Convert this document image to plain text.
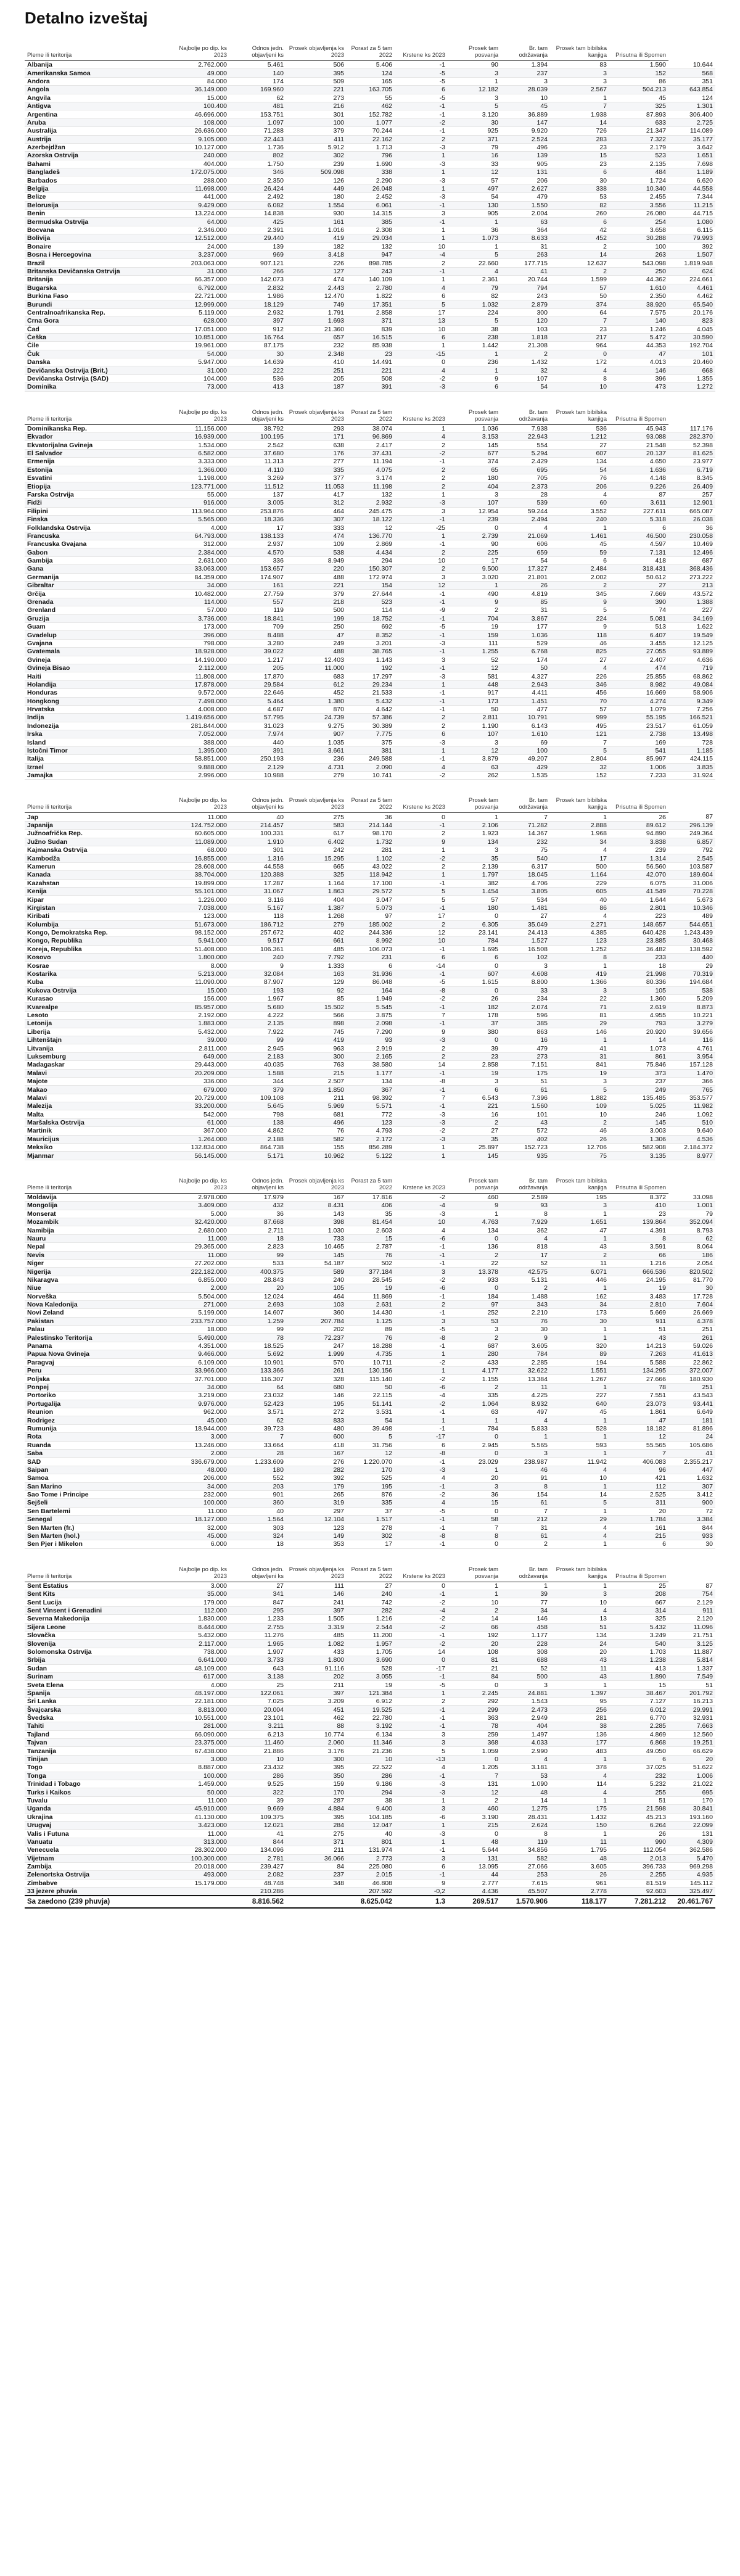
Detalno izveštaj
Pleme ili teritorija	Najbolje po dip. ks 2023	Odnos jedn. objavljeni ks	Prosek objavljenja ks 2023	Porast za 5 tam 2022	Krstene ks 2023	Prosek tam posvanja	Br. tam održavanja	Prosek tam bibilska kanjiga	Prisutna ili Spomen	
Albanija	2.762.000	5.461	506	5.406	-1	90	1.394	83	1.590	10.644
Amerikanska Samoa	49.000	140	395	124	-5	3	237	3	152	568
Andora	84.000	174	509	165	-5	1	3	3	86	351
Angola	36.149.000	169.960	221	163.705	6	12.182	28.039	2.567	504.213	643.854
Angvila	15.000	62	273	55	-5	3	10	1	45	124
Antigva	100.400	481	216	462	-1	5	45	7	325	1.301
Argentina	46.696.000	153.751	301	152.782	-1	3.120	36.889	1.938	87.893	306.400
Aruba	108.000	1.097	100	1.077	-2	30	147	14	633	2.725
Australija	26.636.000	71.288	379	70.244	-1	925	9.920	726	21.347	114.089
Austrija	9.105.000	22.443	411	22.162	2	371	2.524	283	7.322	35.177
Azerbejdžan	10.127.000	1.736	5.912	1.713	-3	79	496	23	2.179	3.642
Azorska Ostrvija	240.000	802	302	796	1	16	139	15	523	1.651
Bahami	404.000	1.750	239	1.690	-3	33	905	23	2.135	7.698
Bangladeš	172.075.000	346	509.098	338	1	12	131	6	484	1.189
Barbados	288.000	2.350	126	2.290	-3	57	206	30	1.724	6.620
Belgija	11.698.000	26.424	449	26.048	1	497	2.627	338	10.340	44.558
Belize	441.000	2.492	180	2.452	-3	54	479	53	2.455	7.344
Belorusija	9.429.000	6.082	1.554	6.061	-1	130	1.550	82	3.556	11.215
Benin	13.224.000	14.838	930	14.315	3	905	2.004	260	26.080	44.715
Bermudska Ostrvija	64.000	425	161	385	-1	1	63	6	254	1.080
Bocvana	2.346.000	2.391	1.016	2.308	1	36	364	42	3.658	6.115
Bolivija	12.512.000	29.440	419	29.034	1	1.073	8.633	452	30.288	79.993
Bonaire	24.000	139	182	132	10	1	31	2	100	392
Bosna i Hercegovina	3.237.000	969	3.418	947	-4	5	263	14	263	1.507
Brazil	203.063.000	907.121	226	898.785	2	22.660	177.715	12.637	543.098	1.819.948
Britanska Devičanska Ostrvija	31.000	266	127	243	-1	4	41	2	250	624
Britanija	66.357.000	142.073	474	140.109	1	2.361	20.744	1.599	44.362	224.661
Bugarska	6.792.000	2.832	2.443	2.780	4	79	794	57	1.610	4.461
Burkina Faso	22.721.000	1.986	12.470	1.822	6	82	243	50	2.350	4.462
Burundi	12.999.000	18.129	749	17.351	5	1.032	2.879	374	38.920	65.540
Centralnoafrikanska Rep.	5.119.000	2.932	1.791	2.858	17	224	300	64	7.575	20.176
Crna Gora	628.000	397	1.693	371	13	5	120	7	140	823
Čad	17.051.000	912	21.360	839	10	38	103	23	1.246	4.045
Češka	10.851.000	16.764	657	16.515	6	238	1.818	217	5.472	30.590
Čile	19.961.000	87.175	232	85.938	1	1.442	21.308	964	44.353	192.704
Čuk	54.000	30	2.348	23	-15	1	2	0	47	101
Danska	5.947.000	14.639	410	14.491	0	236	1.432	172	4.013	20.460
Devičanska Ostrvija (Brit.)	31.000	222	251	221	4	1	32	4	146	668
Devičanska Ostrvija (SAD)	104.000	536	205	508	-2	9	107	8	396	1.355
Dominika	73.000	413	187	391	-3	6	54	10	473	1.272
Pleme ili teritorija	Najbolje po dip. ks 2023	Odnos jedn. objavljeni ks	Prosek objavljenja ks 2023	Porast za 5 tam 2022	Krstene ks 2023	Prosek tam posvanja	Br. tam održavanja	Prosek tam bibilska kanjiga	Prisutna ili Spomen	
Dominikanska Rep.	11.156.000	38.792	293	38.074	1	1.036	7.938	536	45.943	117.176
Ekvador	16.939.000	100.195	171	96.869	4	3.153	22.943	1.212	93.088	282.370
Ekvatorijalna Gvineja	1.534.000	2.542	638	2.417	2	145	554	27	21.548	52.398
El Salvador	6.582.000	37.680	176	37.431	-2	677	5.294	607	20.137	81.625
Ermenija	3.333.000	11.313	277	11.194	-1	374	2.429	134	4.650	23.977
Estonija	1.366.000	4.110	335	4.075	2	65	695	54	1.636	6.719
Esvatini	1.198.000	3.269	377	3.174	2	180	705	76	4.148	8.345
Etiopija	123.771.000	11.512	11.053	11.198	2	404	2.373	206	9.226	26.409
Farska Ostrvija	55.000	137	417	132	1	3	28	4	87	257
Fidži	916.000	3.005	312	2.932	-3	107	539	60	3.611	12.901
Filipini	113.964.000	253.876	464	245.475	3	12.954	59.244	3.552	227.611	665.087
Finska	5.565.000	18.336	307	18.122	-1	239	2.494	240	5.318	26.038
Folklandska Ostrvija	4.000	17	333	12	-25	0	4	1	6	36
Francuska	64.793.000	138.133	474	136.770	1	2.739	21.069	1.461	46.500	230.058
Francuska Gvajana	312.000	2.937	109	2.869	-1	90	606	45	4.597	10.469
Gabon	2.384.000	4.570	538	4.434	2	225	659	59	7.131	12.496
Gambija	2.631.000	336	8.949	294	10	17	54	6	418	687
Gana	33.063.000	153.657	220	150.307	2	9.500	17.327	2.484	318.431	368.436
Germanija	84.359.000	174.907	488	172.974	3	3.020	21.801	2.002	50.612	273.222
Gibraltar	34.000	161	221	154	12	1	26	2	27	213
Grčija	10.482.000	27.759	379	27.644	-1	490	4.819	345	7.669	43.572
Grenada	114.000	557	218	523	-1	9	85	9	390	1.388
Grenland	57.000	119	500	114	-9	2	31	5	74	227
Gruzija	3.736.000	18.841	199	18.752	-1	704	3.867	224	5.081	34.169
Guam	173.000	709	250	692	-5	19	177	9	513	1.622
Gvadelup	396.000	8.488	47	8.352	-1	159	1.036	118	6.407	19.549
Gvajana	798.000	3.280	249	3.201	-3	111	529	46	3.455	12.125
Gvatemala	18.928.000	39.022	488	38.765	-1	1.255	6.768	825	27.055	93.889
Gvineja	14.190.000	1.217	12.403	1.143	3	52	174	27	2.407	4.636
Gvineja Bisao	2.112.000	205	11.000	192	-1	12	50	4	474	719
Haiti	11.808.000	17.870	683	17.297	-3	581	4.327	226	25.855	68.862
Holandija	17.878.000	29.584	612	29.234	1	448	2.943	346	8.982	49.084
Honduras	9.572.000	22.646	452	21.533	-1	917	4.411	456	16.669	58.906
Hongkong	7.498.000	5.464	1.380	5.432	-1	173	1.451	70	4.274	9.349
Hrvatska	4.008.000	4.687	870	4.642	-1	50	477	57	1.079	7.256
Indija	1.419.656.000	57.795	24.739	57.386	2	2.811	10.791	999	55.195	166.521
Indonezija	281.844.000	31.023	9.275	30.389	2	1.190	6.143	495	23.517	61.059
Irska	7.052.000	7.974	907	7.775	6	107	1.610	121	2.738	13.498
Island	388.000	440	1.035	375	-3	3	69	7	169	728
Istočni Timor	1.395.000	391	3.661	381	1	12	100	5	541	1.185
Italija	58.851.000	250.193	236	249.588	-1	3.879	49.207	2.804	85.997	424.115
Izrael	9.888.000	2.129	4.731	2.090	4	63	429	32	1.006	3.835
Jamajka	2.996.000	10.988	279	10.741	-2	262	1.535	152	7.233	31.924
Pleme ili teritorija	Najbolje po dip. ks 2023	Odnos jedn. objavljeni ks	Prosek objavljenja ks 2023	Porast za 5 tam 2022	Krstene ks 2023	Prosek tam posvanja	Br. tam održavanja	Prosek tam bibilska kanjiga	Prisutna ili Spomen	
Jap	11.000	40	275	36	0	1	7	1	26	87
Japanija	124.752.000	214.457	583	214.144	-1	2.106	71.282	2.888	89.612	296.139
Južnoafrička Rep.	60.605.000	100.331	617	98.170	2	1.923	14.367	1.968	94.890	249.364
Južno Sudan	11.089.000	1.910	6.402	1.732	9	134	232	34	3.838	6.857
Kajmanska Ostrvija	68.000	301	242	281	1	3	75	4	239	792
Kambodža	16.855.000	1.316	15.295	1.102	-2	35	540	17	1.314	2.545
Kamerun	28.608.000	44.558	665	43.022	2	2.139	6.317	500	56.560	103.587
Kanada	38.704.000	120.388	325	118.942	1	1.797	18.045	1.164	42.070	189.604
Kazahstan	19.899.000	17.287	1.164	17.100	-1	382	4.706	229	6.075	31.006
Kenija	55.101.000	31.067	1.863	29.572	5	1.454	3.805	605	41.549	70.228
Kipar	1.226.000	3.116	404	3.047	5	57	534	40	1.644	5.673
Kirgistan	7.038.000	5.167	1.387	5.073	-1	180	1.481	86	2.801	10.346
Kiribati	123.000	118	1.268	97	17	0	27	4	223	489
Kolumbija	51.673.000	186.712	279	185.002	2	6.305	35.049	2.271	148.657	544.651
Kongo, Demokratska Rep.	98.152.000	257.672	402	244.336	12	23.141	24.413	4.385	640.428	1.243.439
Kongo, Republika	5.941.000	9.517	661	8.992	10	784	1.527	123	23.885	30.468
Koreja, Republika	51.408.000	106.361	485	106.073	-1	1.695	16.508	1.252	36.482	138.592
Kosovo	1.800.000	240	7.792	231	6	6	102	8	233	440
Kosrae	8.000	9	1.333	6	-14	0	3	1	18	29
Kostarika	5.213.000	32.084	163	31.936	-1	607	4.608	419	21.998	70.319
Kuba	11.090.000	87.907	129	86.048	-5	1.615	8.800	1.366	80.336	194.684
Kukova Ostrvija	15.000	193	92	164	-8	0	33	3	105	538
Kurasao	156.000	1.967	85	1.949	-2	26	234	22	1.360	5.209
Kvarealpe	85.957.000	5.680	15.502	5.545	-1	182	2.074	71	2.619	8.873
Lesoto	2.192.000	4.222	566	3.875	7	178	596	81	4.955	10.221
Letonija	1.883.000	2.135	898	2.098	-1	37	385	29	793	3.279
Liberija	5.432.000	7.922	745	7.290	9	380	863	146	20.920	39.656
Lihtenštajn	39.000	99	419	93	-3	0	16	1	14	116
Litvanija	2.811.000	2.945	963	2.919	2	39	479	41	1.073	4.761
Luksemburg	649.000	2.183	300	2.165	2	23	273	31	861	3.954
Madagaskar	29.443.000	40.035	763	38.580	14	2.858	7.151	841	75.846	157.128
Malavi	20.209.000	1.588	215	1.177	-1	19	175	19	373	1.470
Majote	336.000	344	2.507	134	-8	3	51	3	237	366
Makao	679.000	379	1.850	367	-1	6	61	5	249	765
Malavi	20.729.000	109.108	211	98.392	7	6.543	7.396	1.882	135.485	353.577
Malezija	33.200.000	5.645	5.969	5.571	-1	221	1.560	109	5.025	11.982
Malta	542.000	798	681	772	-3	16	101	10	246	1.092
Maršalska Ostrvija	61.000	138	496	123	-3	2	43	2	145	510
Martinik	367.000	4.862	76	4.793	-2	27	572	46	3.003	9.640
Mauricijus	1.264.000	2.188	582	2.172	-3	35	402	26	1.306	4.536
Meksiko	132.834.000	864.738	155	856.289	1	25.897	152.723	12.706	582.908	2.184.372
Mjanmar	56.145.000	5.171	10.962	5.122	1	145	935	75	3.135	8.977
Pleme ili teritorija	Najbolje po dip. ks 2023	Odnos jedn. objavljeni ks	Prosek objavljenja ks 2023	Porast za 5 tam 2022	Krstene ks 2023	Prosek tam posvanja	Br. tam održavanja	Prosek tam bibilska kanjiga	Prisutna ili Spomen	
Moldavija	2.978.000	17.979	167	17.816	-2	460	2.589	195	8.372	33.098
Mongolija	3.409.000	432	8.431	406	-4	9	93	3	410	1.001
Monserat	5.000	36	143	35	-3	1	8	1	23	79
Mozambik	32.420.000	87.668	398	81.454	10	4.763	7.929	1.651	139.864	352.094
Namibija	2.680.000	2.711	1.030	2.603	4	134	362	47	4.391	8.793
Nauru	11.000	18	733	15	-6	0	4	1	8	62
Nepal	29.365.000	2.823	10.465	2.787	-1	136	818	43	3.591	8.064
Nevis	11.000	99	145	76	-1	2	17	2	66	186
Niger	27.202.000	533	54.187	502	-1	22	52	11	1.216	2.054
Nigerija	222.182.000	400.375	589	377.184	3	13.378	42.575	6.071	666.536	820.502
Nikaragva	6.855.000	28.843	240	28.545	-2	933	5.131	446	24.195	81.770
Niue	2.000	20	105	19	-6	0	2	1	19	30
Norveška	5.504.000	12.024	464	11.869	-1	184	1.488	162	3.483	17.728
Nova Kaledonija	271.000	2.693	103	2.631	2	97	343	34	2.810	7.604
Novi Zeland	5.199.000	14.607	360	14.430	-1	252	2.210	173	5.669	26.669
Pakistan	233.757.000	1.259	207.784	1.125	3	53	76	30	911	4.378
Palau	18.000	99	202	89	-5	3	30	1	51	251
Palestinsko Teritorija	5.490.000	78	72.237	76	-8	2	9	1	43	261
Panama	4.351.000	18.525	247	18.288	-1	687	3.605	320	14.213	59.026
Papua Nova Gvineja	9.466.000	5.692	1.999	4.735	1	280	784	89	7.263	41.613
Paragvaj	6.109.000	10.901	570	10.711	-2	433	2.285	194	5.588	22.862
Peru	33.966.000	133.366	261	130.156	1	4.177	32.622	1.551	134.295	372.007
Poljska	37.701.000	116.307	328	115.140	-2	1.155	13.384	1.267	27.666	180.930
Ponpej	34.000	64	680	50	-6	2	11	1	78	251
Portoriko	3.219.000	23.032	146	22.115	-4	335	4.225	227	7.551	43.543
Portugalija	9.976.000	52.423	195	51.141	-2	1.064	8.932	640	23.073	93.441
Reunion	962.000	3.571	272	3.531	-1	63	497	45	1.861	6.649
Rodrigez	45.000	62	833	54	1	1	4	1	47	181
Rumunija	18.944.000	39.723	480	39.498	-1	784	5.833	528	18.182	81.896
Rota	3.000	7	600	5	-17	0	1	1	12	24
Ruanda	13.246.000	33.664	418	31.756	6	2.945	5.565	593	55.565	105.686
Saba	2.000	28	167	12	-8	0	3	1	7	41
SAD	336.679.000	1.233.609	276	1.220.070	-1	23.029	238.987	11.942	406.083	2.355.217
Saipan	48.000	180	282	170	-3	1	46	4	96	447
Samoa	206.000	552	392	525	4	20	91	10	421	1.632
San Marino	34.000	203	179	195	-1	3	8	1	112	307
Sao Tome i Principe	232.000	901	265	876	-2	36	154	14	2.525	3.412
Sejšeli	100.000	360	319	335	4	15	61	5	311	900
Sen Bartelemi	11.000	40	297	37	-5	0	7	1	20	72
Senegal	18.127.000	1.564	12.104	1.517	-1	58	212	29	1.784	3.384
Sen Marten (fr.)	32.000	303	123	278	-1	7	31	4	161	844
Sen Marten (hol.)	45.000	324	149	302	-8	8	61	4	215	933
Sen Pjer i Mikelon	6.000	18	353	17	-1	0	2	1	6	30
Pleme ili teritorija	Najbolje po dip. ks 2023	Odnos jedn. objavljeni ks	Prosek objavljenja ks 2023	Porast za 5 tam 2022	Krstene ks 2023	Prosek tam posvanja	Br. tam održavanja	Prosek tam bibilska kanjiga	Prisutna ili Spomen	
Sent Estatius	3.000	27	111	27	0	1	1	1	25	87
Sent Kits	35.000	341	146	240	-1	1	39	3	208	754
Sent Lucija	179.000	847	241	742	-2	10	77	10	667	2.129
Sent Vinsent i Grenadini	112.000	295	397	282	-4	2	34	4	314	911
Severna Makedonija	1.830.000	1.233	1.505	1.216	-2	14	146	13	325	2.120
Sijera Leone	8.444.000	2.755	3.319	2.544	-2	66	458	51	5.432	11.096
Slovačka	5.432.000	11.276	485	11.200	-1	192	1.177	134	3.249	21.751
Slovenija	2.117.000	1.965	1.082	1.957	-2	20	228	24	540	3.125
Solomonska Ostrvija	738.000	1.907	433	1.705	14	108	308	20	1.703	11.887
Srbija	6.641.000	3.733	1.800	3.690	0	81	688	43	1.238	5.814
Sudan	48.109.000	643	91.116	528	-17	21	52	11	413	1.337
Surinam	617.000	3.138	202	3.055	-1	84	500	43	1.890	7.549
Sveta Elena	4.000	25	211	19	-5	0	3	1	15	51
Španija	48.197.000	122.061	397	121.384	1	2.245	24.881	1.397	38.467	201.792
Šri Lanka	22.181.000	7.025	3.209	6.912	2	292	1.543	95	7.127	16.213
Švajcarska	8.813.000	20.004	451	19.525	-1	299	2.473	256	6.012	29.991
Švedska	10.551.000	23.101	462	22.780	-1	363	2.949	281	6.770	32.931
Tahiti	281.000	3.211	88	3.192	-1	78	404	38	2.285	7.663
Tajland	66.090.000	6.213	10.774	6.134	3	259	1.497	136	4.869	12.560
Tajvan	23.375.000	11.460	2.060	11.346	3	368	4.033	177	6.868	19.251
Tanzanija	67.438.000	21.886	3.176	21.236	5	1.059	2.990	483	49.050	66.629
Tinijan	3.000	10	300	10	-13	0	4	1	6	20
Togo	8.887.000	23.432	395	22.522	4	1.205	3.181	378	37.025	51.622
Tonga	100.000	286	350	286	-1	7	53	4	232	1.006
Trinidad i Tobago	1.459.000	9.525	159	9.186	-3	131	1.090	114	5.232	21.022
Turks i Kaikos	50.000	322	170	294	-3	12	48	4	255	695
Tuvalu	11.000	39	287	38	1	2	14	1	51	170
Uganda	45.910.000	9.669	4.884	9.400	3	460	1.275	175	21.598	30.841
Ukrajina	41.130.000	109.375	395	104.185	-6	3.190	28.431	1.432	45.213	193.160
Urugvaj	3.423.000	12.021	284	12.047	1	215	2.624	150	6.264	22.099
Valis i Futuna	11.000	41	275	40	-3	0	8	1	26	131
Vanuatu	313.000	844	371	801	1	48	119	11	990	4.309
Venecuela	28.302.000	134.096	211	131.974	-1	5.644	34.856	1.795	112.054	362.586
Vijetnam	100.300.000	2.781	36.066	2.773	3	131	582	48	2.013	5.470
Zambija	20.018.000	239.427	84	225.080	6	13.095	27.066	3.605	396.733	969.298
Zelenortska Ostrvija	493.000	2.082	237	2.015	-1	44	253	26	2.255	4.935
Zimbabve	15.179.000	48.748	348	46.808	9	2.777	7.615	961	81.519	145.112
33 jezere phuvia		210.286		207.592	-0,2	4.436	45.507	2.778	92.603	325.497
Sa zaedono (239 phuvja)		8.816.562		8.625.042	1.3	269.517	1.570.906	118.177	7.281.212	20.461.767
